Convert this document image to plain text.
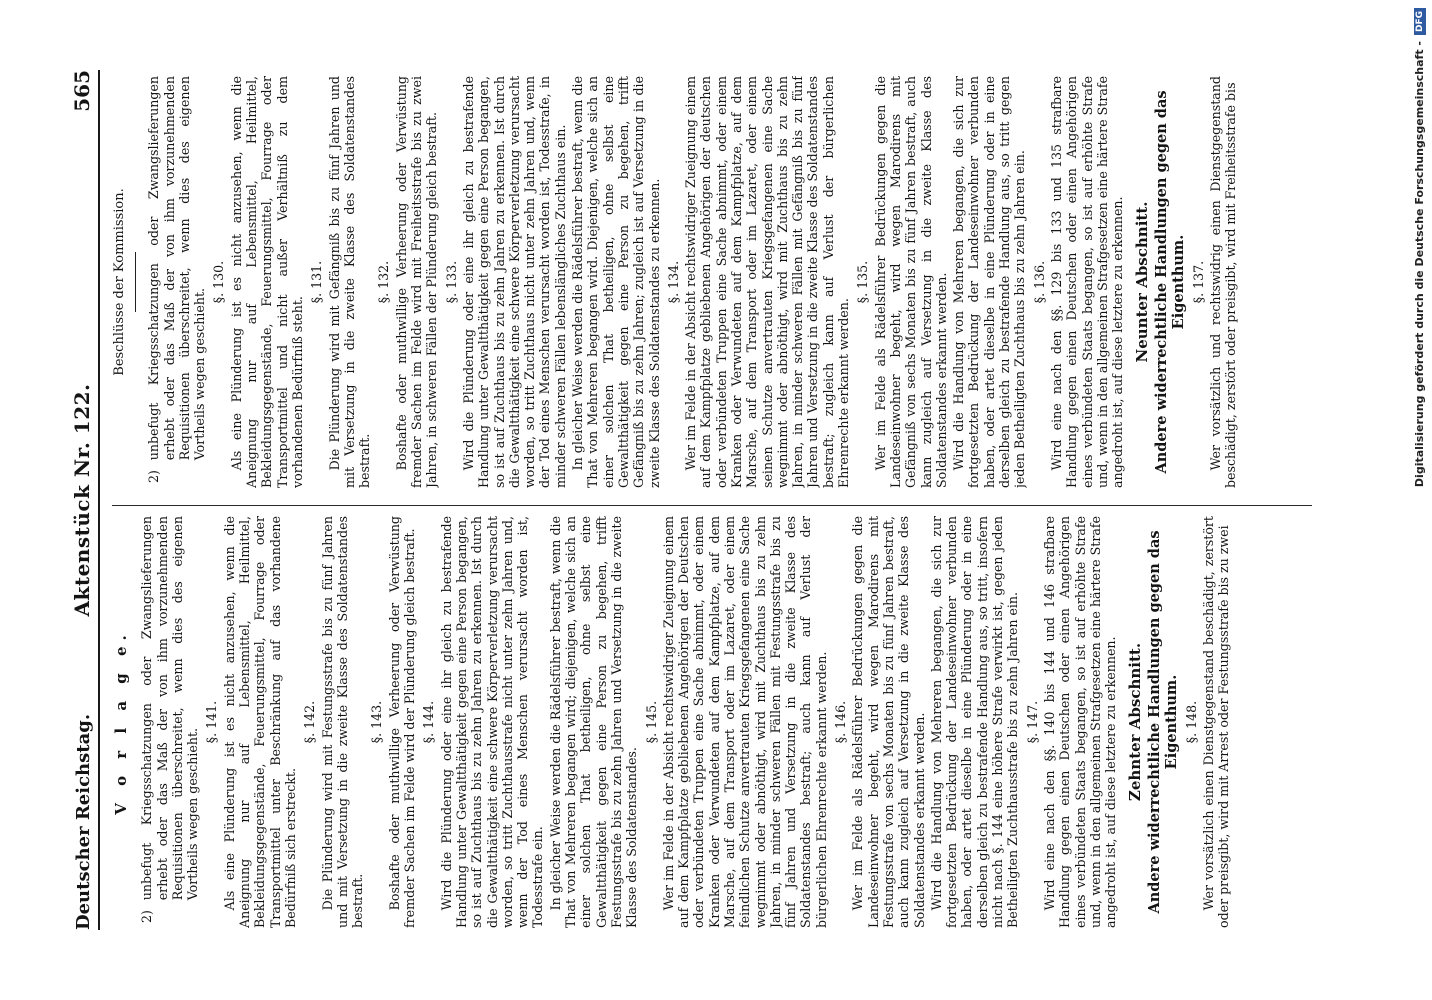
Deutscher Reichstag.
Aktenstück Nr. 122.
565
V o r l a g e.

2)
unbefugt Kriegsschatzungen oder Zwangslieferungen erhebt oder das Maß der von ihm vorzunehmenden Requisitionen überschreitet, wenn dies des eigenen Vortheils wegen geschieht.

§. 141. Als eine Plünderung ist es nicht anzusehen, wenn die Aneignung nur auf Lebensmittel, Heilmittel, Bekleidungsgegenstände, Feuerungsmittel, Fourrage oder Transportmittel unter Beschränkung auf das vorhandene Bedürfniß sich erstreckt.

§. 142. Die Plünderung wird mit Festungsstrafe bis zu fünf Jahren und mit Versetzung in die zweite Klasse des Soldatenstandes bestraft.

§. 143. Boshafte oder muthwillige Verheerung oder Verwüstung fremder Sachen im Felde wird der Plünderung gleich bestraft. §. 144. Wird die Plünderung oder eine ihr gleich zu bestrafende Handlung unter Gewaltthätigkeit gegen eine Person begangen, so ist auf Zuchthaus bis zu zehn Jahren zu erkennen. Ist durch die Gewaltthätigkeit eine schwere Körperverletzung verursacht worden, so tritt Zuchthausstrafe nicht unter zehn Jahren und, wenn der Tod eines Menschen verursacht worden ist, Todesstrafe ein. In gleicher Weise werden die Rädelsführer bestraft, wenn die That von Mehreren begangen wird; diejenigen, welche sich an einer solchen That betheiligen, ohne selbst eine Gewaltthätigkeit gegen eine Person zu begehen, trifft Festungsstrafe bis zu zehn Jahren und Versetzung in die zweite Klasse des Soldatenstandes.

§. 145. Wer im Felde in der Absicht rechtswidriger Zueignung einem auf dem Kampfplatze gebliebenen Angehörigen der Deutschen oder verbündeten Truppen eine Sache abnimmt, oder einem Kranken oder Verwundeten auf dem Kampfplatze, auf dem Marsche, auf dem Transport oder im Lazaret, oder einem feindlichen Schutze anvertrauten Kriegsgefangenen eine Sache wegnimmt oder abnöthigt, wird mit Zuchthaus bis zu zehn Jahren, in minder schweren Fällen mit Festungsstrafe bis zu fünf Jahren und Versetzung in die zweite Klasse des Soldatenstandes bestraft; auch kann auf Verlust der bürgerlichen Ehrenrechte erkannt werden. §. 146. Wer im Felde als Rädelsführer Bedrückungen gegen die Landeseinwohner begeht, wird wegen Marodirens mit Festungsstrafe von sechs Monaten bis zu fünf Jahren bestraft, auch kann zugleich auf Versetzung in die zweite Klasse des Soldatenstandes erkannt werden. Wird die Handlung von Mehreren begangen, die sich zur fortgesetzten Bedrückung der Landeseinwohner verbunden haben, oder artet dieselbe in eine Plünderung oder in eine derselben gleich zu bestrafende Handlung aus, so tritt, insofern nicht nach §. 144 eine höhere Strafe verwirkt ist, gegen jeden Betheiligten Zuchthausstrafe bis zu zehn Jahren ein. §. 147. Wird eine nach den §§. 140 bis 144 und 146 strafbare Handlung gegen einen Deutschen oder einen Angehörigen eines verbündeten Staats begangen, so ist auf erhöhte Strafe und, wenn in den allgemeinen Strafgesetzen eine härtere Strafe angedroht ist, auf diese letztere zu erkennen. Zehnter Abschnitt. Andere widerrechtliche Handlungen gegen das Eigenthum. §. 148. Wer vorsätzlich einen Dienstgegenstand beschädigt, zerstört oder preisgibt, wird mit Arrest oder Festungsstrafe bis zu zwei

Beschlüsse der Kommission.

2)
unbefugt Kriegsschatzungen oder Zwangslieferungen erhebt oder das Maß der von ihm vorzunehmenden Requisitionen überschreitet, wenn dies des eigenen Vortheils wegen geschieht.

§. 130. Als eine Plünderung ist es nicht anzusehen, wenn die Aneignung nur auf Lebensmittel, Heilmittel, Bekleidungsgegenstände, Feuerungsmittel, Fourrage oder Transportmittel und nicht außer Verhältniß zu dem vorhandenen Bedürfniß steht.

§. 131. Die Plünderung wird mit Gefängniß bis zu fünf Jahren und mit Versetzung in die zweite Klasse des Soldatenstandes bestraft.

§. 132. Boshafte oder muthwillige Verheerung oder Verwüstung fremder Sachen im Felde wird mit Freiheitsstrafe bis zu zwei Jahren, in schweren Fällen der Plünderung gleich bestraft. §. 133. Wird die Plünderung oder eine ihr gleich zu bestrafende Handlung unter Gewaltthätigkeit gegen eine Person begangen, so ist auf Zuchthaus bis zu zehn Jahren zu erkennen. Ist durch die Gewaltthätigkeit eine schwere Körperverletzung verursacht worden, so tritt Zuchthaus nicht unter zehn Jahren und, wenn der Tod eines Menschen verursacht worden ist, Todesstrafe, in minder schweren Fällen lebenslängliches Zuchthaus ein. In gleicher Weise werden die Rädelsführer bestraft, wenn die That von Mehreren begangen wird. Diejenigen, welche sich an einer solchen That betheiligen, ohne selbst eine Gewaltthätigkeit gegen eine Person zu begehen, trifft Gefängniß bis zu zehn Jahren; zugleich ist auf Versetzung in die zweite Klasse des Soldatenstandes zu erkennen. §. 134. Wer im Felde in der Absicht rechtswidriger Zueignung einem auf dem Kampfplatze gebliebenen Angehörigen der deutschen oder verbündeten Truppen eine Sache abnimmt, oder einem Kranken oder Verwundeten auf dem Kampfplatze, auf dem Marsche, auf dem Transport oder im Lazaret, oder einem seinen Schutze anvertrauten Kriegsgefangenen eine Sache wegnimmt oder abnöthigt, wird mit Zuchthaus bis zu zehn Jahren, in minder schweren Fällen mit Gefängniß bis zu fünf Jahren und Versetzung in die zweite Klasse des Soldatenstandes bestraft; zugleich kann auf Verlust der bürgerlichen Ehrenrechte erkannt werden.

§. 135. Wer im Felde als Rädelsführer Bedrückungen gegen die Landeseinwohner begeht, wird wegen Marodirens mit Gefängniß von sechs Monaten bis zu fünf Jahren bestraft, auch kann zugleich auf Versetzung in die zweite Klasse des Soldatenstandes erkannt werden. Wird die Handlung von Mehreren begangen, die sich zur fortgesetzten Bedrückung der Landeseinwohner verbunden haben, oder artet dieselbe in eine Plünderung oder in eine derselben gleich zu bestrafende Handlung aus, so tritt gegen jeden Betheiligten Zuchthaus bis zu zehn Jahren ein. §. 136. Wird eine nach den §§. 129 bis 133 und 135 strafbare Handlung gegen einen Deutschen oder einen Angehörigen eines verbündeten Staats begangen, so ist auf erhöhte Strafe und, wenn in den allgemeinen Strafgesetzen eine härtere Strafe angedroht ist, auf diese letztere zu erkennen. Neunter Abschnitt. Andere widerrechtliche Handlungen gegen das Eigenthum. §. 137. Wer vorsätzlich und rechtswidrig einen Dienstgegenstand beschädigt, zerstört oder preisgibt, wird mit Freiheitsstrafe bis	Digitalisierung gefördert durch die Deutsche Forschungsgemeinschaft -
DFG
